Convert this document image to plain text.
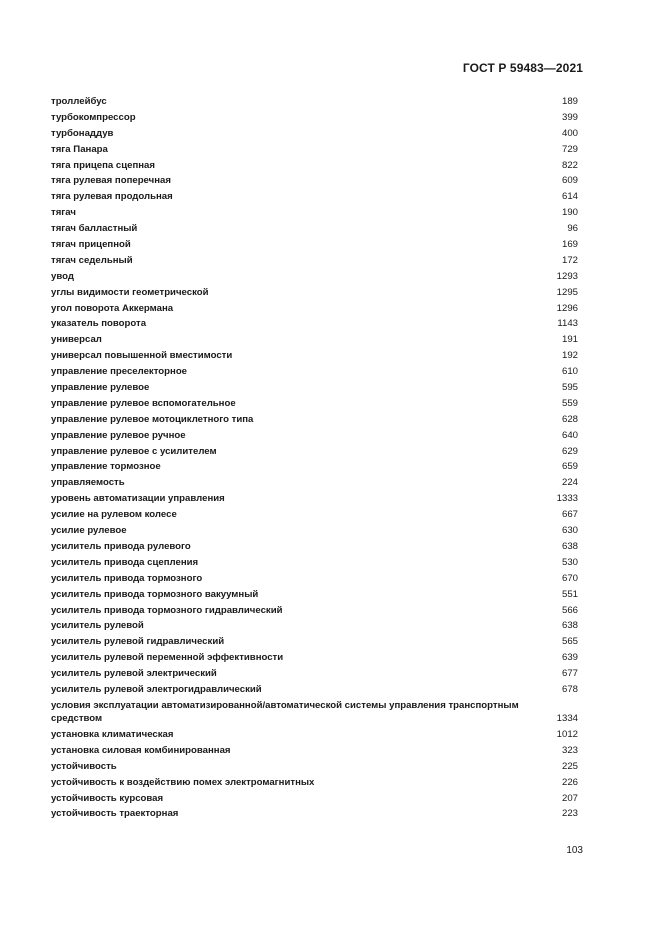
ГОСТ Р 59483—2021
троллейбус	189
турбокомпрессор	399
турбонаддув	400
тяга Панара	729
тяга прицепа сцепная	822
тяга рулевая поперечная	609
тяга рулевая продольная	614
тягач	190
тягач балластный	96
тягач прицепной	169
тягач седельный	172
увод	1293
углы видимости геометрической	1295
угол поворота Аккермана	1296
указатель поворота	1143
универсал	191
универсал повышенной вместимости	192
управление преселекторное	610
управление рулевое	595
управление рулевое вспомогательное	559
управление рулевое мотоциклетного типа	628
управление рулевое ручное	640
управление рулевое с усилителем	629
управление тормозное	659
управляемость	224
уровень автоматизации управления	1333
усилие на рулевом колесе	667
усилие рулевое	630
усилитель привода рулевого	638
усилитель привода сцепления	530
усилитель привода тормозного	670
усилитель привода тормозного вакуумный	551
усилитель привода тормозного гидравлический	566
усилитель рулевой	638
усилитель рулевой гидравлический	565
усилитель рулевой переменной эффективности	639
усилитель рулевой электрический	677
усилитель рулевой электрогидравлический	678
условия эксплуатации автоматизированной/автоматической системы управления транспортным средством	1334
установка климатическая	1012
установка силовая комбинированная	323
устойчивость	225
устойчивость к воздействию помех электромагнитных	226
устойчивость курсовая	207
устойчивость траекторная	223
103
